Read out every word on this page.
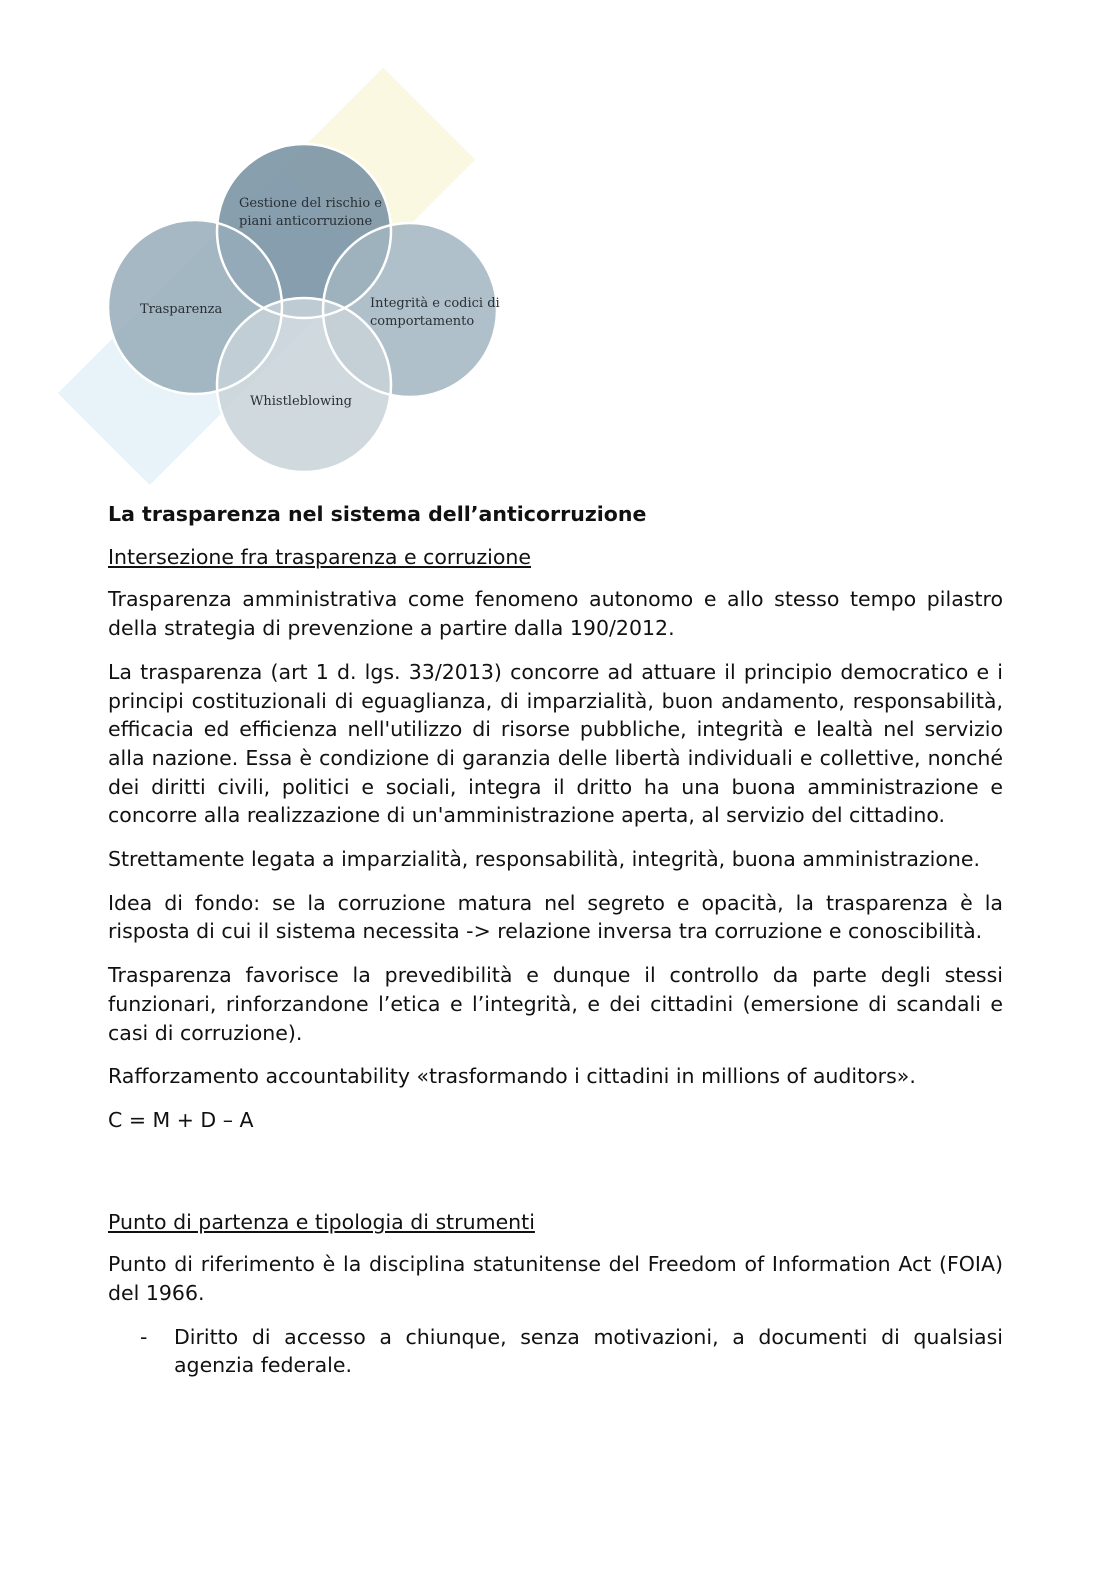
Gestione del rischio e
piani anticorruzione
Trasparenza	Integrità e codici di
comportamento
Whistleblowing

La trasparenza nel sistema dell’anticorruzione

Intersezione fra trasparenza e corruzione

Trasparenza amministrativa come fenomeno autonomo e allo stesso tempo pilastro della strategia di prevenzione a partire dalla 190/2012.

La trasparenza (art 1 d. lgs. 33/2013) concorre ad attuare il principio democratico e i principi costituzionali di eguaglianza, di imparzialità, buon andamento, responsabilità, efficacia ed efficienza nell'utilizzo di risorse pubbliche, integrità e lealtà nel servizio alla nazione. Essa è condizione di garanzia delle libertà individuali e collettive, nonché dei diritti civili, politici e sociali, integra il dritto ha una buona amministrazione e concorre alla realizzazione di un'amministrazione aperta, al servizio del cittadino.

Strettamente legata a imparzialità, responsabilità, integrità, buona amministrazione.

Idea di fondo: se la corruzione matura nel segreto e opacità, la trasparenza è la risposta di cui il sistema necessita -> relazione inversa tra corruzione e conoscibilità.

Trasparenza favorisce la prevedibilità e dunque il controllo da parte degli stessi funzionari, rinforzandone l’etica e l’integrità, e dei cittadini (emersione di scandali e casi di corruzione).

Rafforzamento accountability «trasformando i cittadini in millions of auditors».

C = M + D – A

Punto di partenza e tipologia di strumenti

Punto di riferimento è la disciplina statunitense del Freedom of Information Act (FOIA) del 1966.

-	Diritto di accesso a chiunque, senza motivazioni, a documenti di qualsiasi agenzia federale.
